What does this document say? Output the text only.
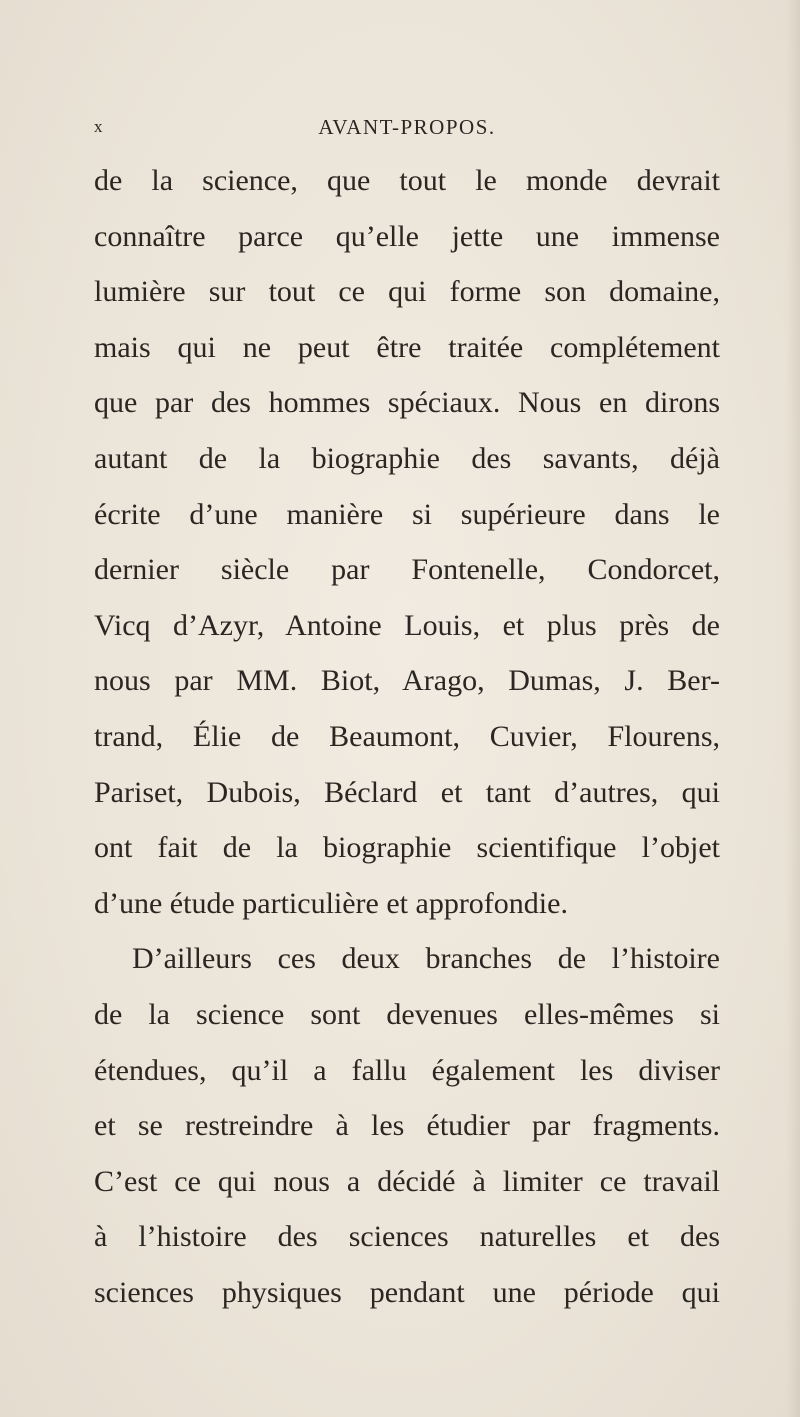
x	AVANT-PROPOS.
de la science, que tout le monde devrait
connaître parce qu’elle jette une immense
lumière sur tout ce qui forme son domaine,
mais qui ne peut être traitée complétement
que par des hommes spéciaux. Nous en dirons
autant de la biographie des savants, déjà
écrite d’une manière si supérieure dans le
dernier siècle par Fontenelle, Condorcet,
Vicq d’Azyr, Antoine Louis, et plus près de
nous par MM. Biot, Arago, Dumas, J. Ber-
trand, Élie de Beaumont, Cuvier, Flourens,
Pariset, Dubois, Béclard et tant d’autres, qui
ont fait de la biographie scientifique l’objet
d’une étude particulière et approfondie.
D’ailleurs ces deux branches de l’histoire
de la science sont devenues elles-mêmes si
étendues, qu’il a fallu également les diviser
et se restreindre à les étudier par fragments.
C’est ce qui nous a décidé à limiter ce travail
à l’histoire des sciences naturelles et des
sciences physiques pendant une période qui
